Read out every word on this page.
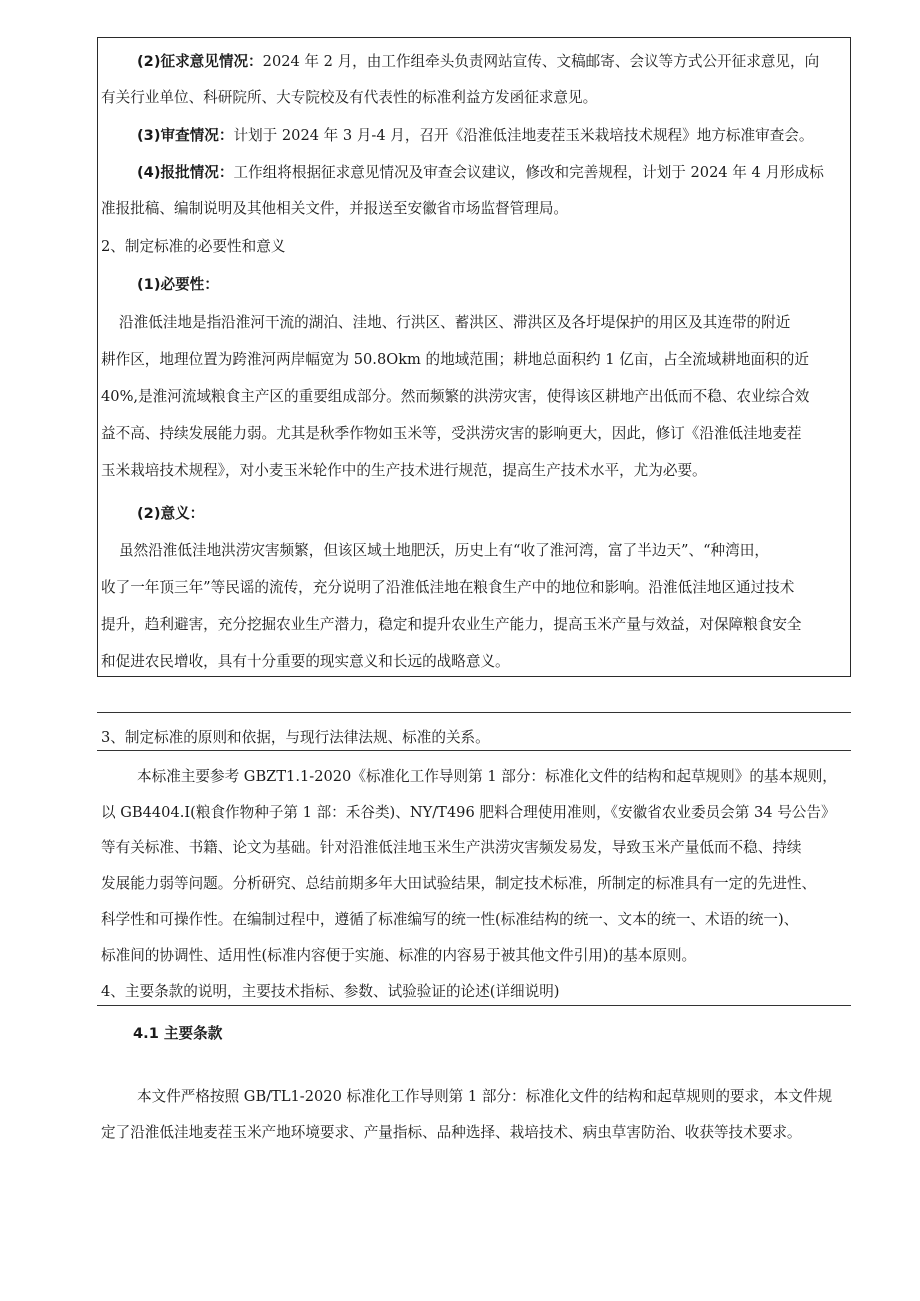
(2)征求意见情况：2024 年 2 月，由工作组牵头负责网站宣传、文稿邮寄、会议等方式公开征求意见，向
有关行业单位、科研院所、大专院校及有代表性的标准利益方发函征求意见。
(3)审查情况：计划于 2024 年 3 月-4 月，召开《沿淮低洼地麦茬玉米栽培技术规程》地方标准审查会。
(4)报批情况：工作组将根据征求意见情况及审查会议建议，修改和完善规程，计划于 2024 年 4 月形成标
准报批稿、编制说明及其他相关文件，并报送至安徽省市场监督管理局。
2、制定标准的必要性和意义
(1)必要性：
沿淮低洼地是指沿淮河干流的湖泊、洼地、行洪区、蓄洪区、滞洪区及各圩堤保护的用区及其连带的附近
耕作区，地理位置为跨淮河两岸幅宽为 50.8Okm 的地域范围；耕地总面积约 1 亿亩，占全流域耕地面积的近
40%,是淮河流域粮食主产区的重要组成部分。然而频繁的洪涝灾害，使得该区耕地产出低而不稳、农业综合效
益不高、持续发展能力弱。尤其是秋季作物如玉米等，受洪涝灾害的影响更大，因此，修订《沿淮低洼地麦茬
玉米栽培技术规程》，对小麦玉米轮作中的生产技术进行规范，提高生产技术水平，尤为必要。
(2)意义：
虽然沿淮低洼地洪涝灾害频繁，但该区域土地肥沃，历史上有“收了淮河湾，富了半边天”、“种湾田，
收了一年顶三年”等民谣的流传，充分说明了沿淮低洼地在粮食生产中的地位和影响。沿淮低洼地区通过技术
提升，趋利避害，充分挖掘农业生产潜力，稳定和提升农业生产能力，提高玉米产量与效益，对保障粮食安全
和促进农民增收，具有十分重要的现实意义和长远的战略意义。
3、制定标准的原则和依据，与现行法律法规、标准的关系。
本标准主要参考 GBZT1.1-2020《标准化工作导则第 1 部分：标准化文件的结构和起草规则》的基本规则，
以 GB4404.I(粮食作物种子第 1 部：禾谷类)、NY/T496 肥料合理使用准则，《安徽省农业委员会第 34 号公告》
等有关标准、书籍、论文为基础。针对沿淮低洼地玉米生产洪涝灾害频发易发，导致玉米产量低而不稳、持续
发展能力弱等问题。分析研究、总结前期多年大田试验结果，制定技术标准，所制定的标准具有一定的先进性、
科学性和可操作性。在编制过程中，遵循了标准编写的统一性(标准结构的统一、文本的统一、术语的统一)、
标准间的协调性、适用性(标准内容便于实施、标准的内容易于被其他文件引用)的基本原则。
4、主要条款的说明，主要技术指标、参数、试验验证的论述(详细说明)
4.1 主要条款
本文件严格按照 GB/TL1-2020 标准化工作导则第 1 部分：标准化文件的结构和起草规则的要求，本文件规
定了沿淮低洼地麦茬玉米产地环境要求、产量指标、品种选择、栽培技术、病虫草害防治、收获等技术要求。
